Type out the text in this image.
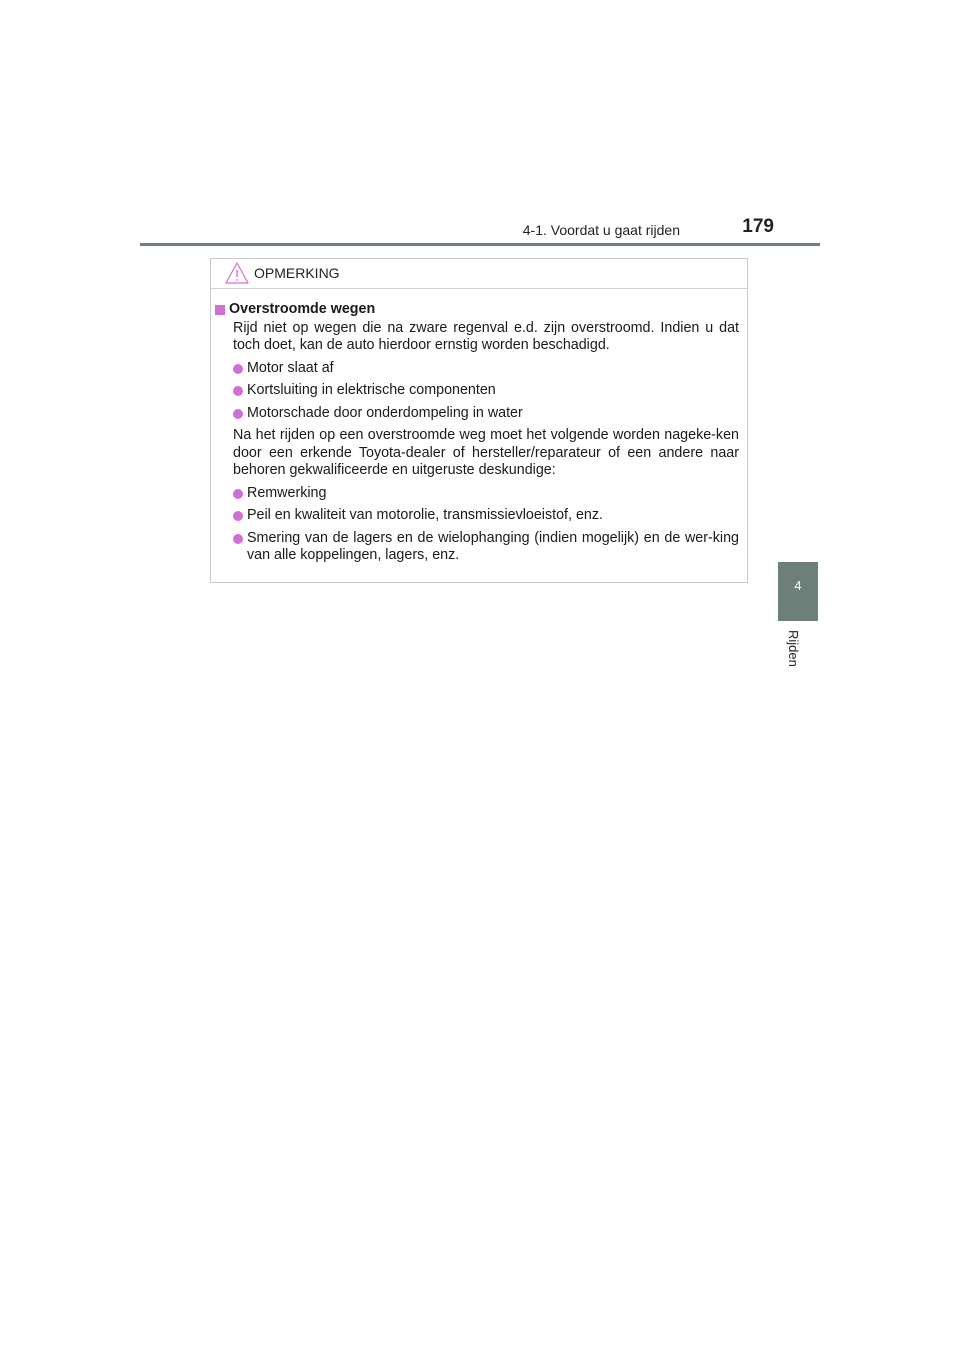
4-1. Voordat u gaat rijden	179
4
Rijden
OPMERKING
Overstroomde wegen
Rijd niet op wegen die na zware regenval e.d. zijn overstroomd. Indien u dat toch doet, kan de auto hierdoor ernstig worden beschadigd.
Motor slaat af
Kortsluiting in elektrische componenten
Motorschade door onderdompeling in water
Na het rijden op een overstroomde weg moet het volgende worden nageke-ken door een erkende Toyota-dealer of hersteller/reparateur of een andere naar behoren gekwalificeerde en uitgeruste deskundige:
Remwerking
Peil en kwaliteit van motorolie, transmissievloeistof, enz.
Smering van de lagers en de wielophanging (indien mogelijk) en de wer-king van alle koppelingen, lagers, enz.
